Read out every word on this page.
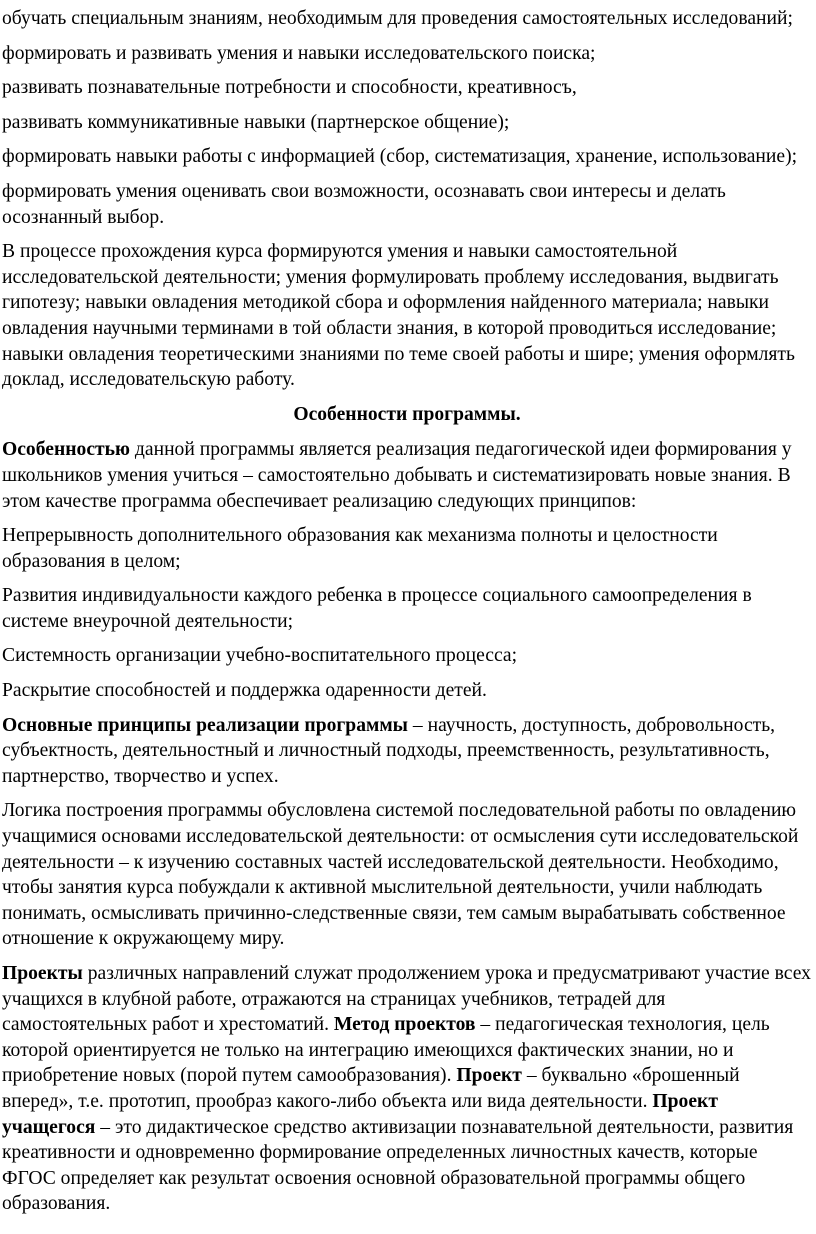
обучать специальным знаниям, необходимым для проведения самостоятельных исследований;

формировать и развивать умения и навыки исследовательского поиска;

развивать познавательные потребности и способности, креативносъ,

развивать коммуникативные навыки (партнерское общение);

формировать навыки работы с информацией (сбор, систематизация, хранение, использование);

формировать умения оценивать свои возможности, осознавать свои интересы и делать осознанный выбор.

В процессе прохождения курса формируются умения и навыки самостоятельной исследовательской деятельности; умения формулировать проблему исследования, выдвигать гипотезу; навыки овладения методикой сбора и оформления найденного материала; навыки овладения научными терминами в той области знания, в которой проводиться исследование; навыки овладения теоретическими знаниями по теме своей работы и шире; умения оформлять доклад, исследовательскую работу.

Особенности программы.

Особенностью данной программы является реализация педагогической идеи формирования у школьников умения учиться – самостоятельно добывать и систематизировать новые знания. В этом качестве программа обеспечивает реализацию следующих принципов:

Непрерывность дополнительного образования как механизма полноты и целостности образования в целом;

Развития индивидуальности каждого ребенка в процессе социального самоопределения в системе внеурочной деятельности;

Системность организации учебно-воспитательного процесса;

Раскрытие способностей и поддержка одаренности детей.

Основные принципы реализации программы – научность, доступность, добровольность, субъектность, деятельностный и личностный подходы, преемственность, результативность, партнерство, творчество и успех.

Логика построения программы обусловлена системой последовательной работы по овладению учащимися основами исследовательской деятельности: от осмысления сути исследовательской деятельности – к изучению составных частей исследовательской деятельности. Необходимо, чтобы занятия курса побуждали к активной мыслительной деятельности, учили наблюдать понимать, осмысливать причинно-следственные связи, тем самым вырабатывать собственное отношение к окружающему миру.

Проекты различных направлений служат продолжением урока и предусматривают участие всех учащихся в клубной работе, отражаются на страницах учебников, тетрадей для самостоятельных работ и хрестоматий. Метод проектов – педагогическая технология, цель которой ориентируется не только на интеграцию имеющихся фактических знании, но и приобретение новых (порой путем самообразования). Проект – буквально «брошенный вперед», т.е. прототип, прообраз какого-либо объекта или вида деятельности. Проект учащегося – это дидактическое средство активизации познавательной деятельности, развития креативности и одновременно формирование определенных личностных качеств, которые ФГОС определяет как результат освоения основной образовательной программы общего образования.
